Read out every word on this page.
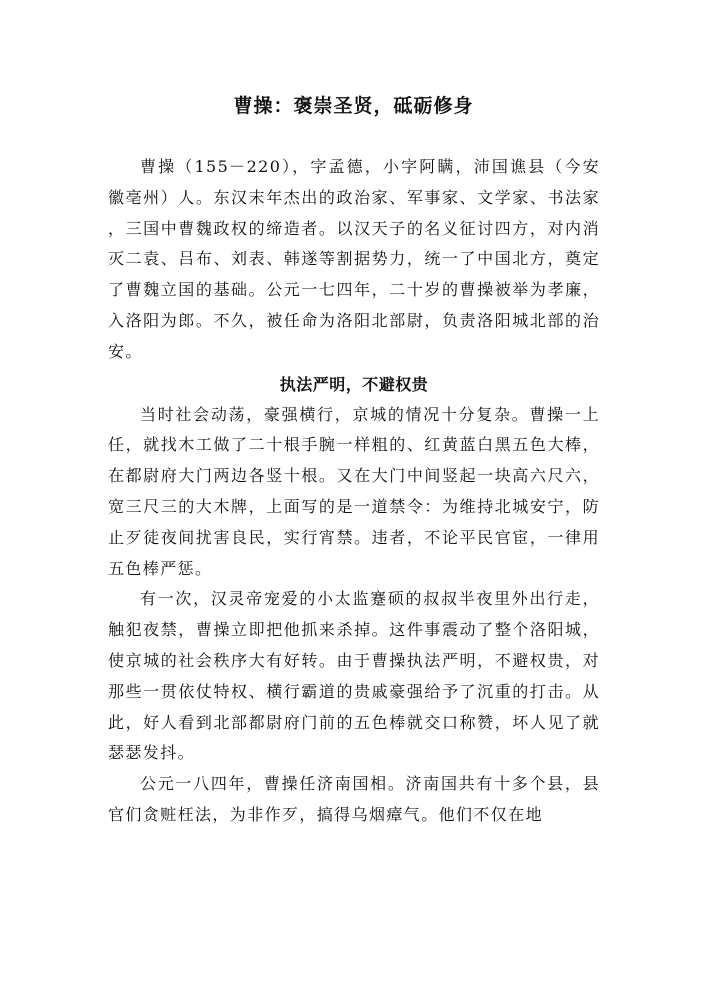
曹操：褒崇圣贤，砥砺修身

曹操（155－220），字孟德，小字阿瞒，沛国谯县（今安徽亳州）人。东汉末年杰出的政治家、军事家、文学家、书法家 ，三国中曹魏政权的缔造者。以汉天子的名义征讨四方，对内消灭二袁、吕布、刘表、韩遂等割据势力，统一了中国北方，奠定了曹魏立国的基础。公元一七四年，二十岁的曹操被举为孝廉，入洛阳为郎。不久，被任命为洛阳北部尉，负责洛阳城北部的治安。

执法严明，不避权贵

当时社会动荡，豪强横行，京城的情况十分复杂。曹操一上任，就找木工做了二十根手腕一样粗的、红黄蓝白黑五色大棒，在都尉府大门两边各竖十根。又在大门中间竖起一块高六尺六，宽三尺三的大木牌，上面写的是一道禁令：为维持北城安宁，防止歹徒夜间扰害良民，实行宵禁。违者，不论平民官宦，一律用五色棒严惩。

有一次，汉灵帝宠爱的小太监蹇硕的叔叔半夜里外出行走，触犯夜禁，曹操立即把他抓来杀掉。这件事震动了整个洛阳城，使京城的社会秩序大有好转。由于曹操执法严明，不避权贵，对那些一贯依仗特权、横行霸道的贵戚豪强给予了沉重的打击。从此，好人看到北部都尉府门前的五色棒就交口称赞，坏人见了就瑟瑟发抖。

公元一八四年，曹操任济南国相。济南国共有十多个县，县官们贪赃枉法，为非作歹，搞得乌烟瘴气。他们不仅在地
